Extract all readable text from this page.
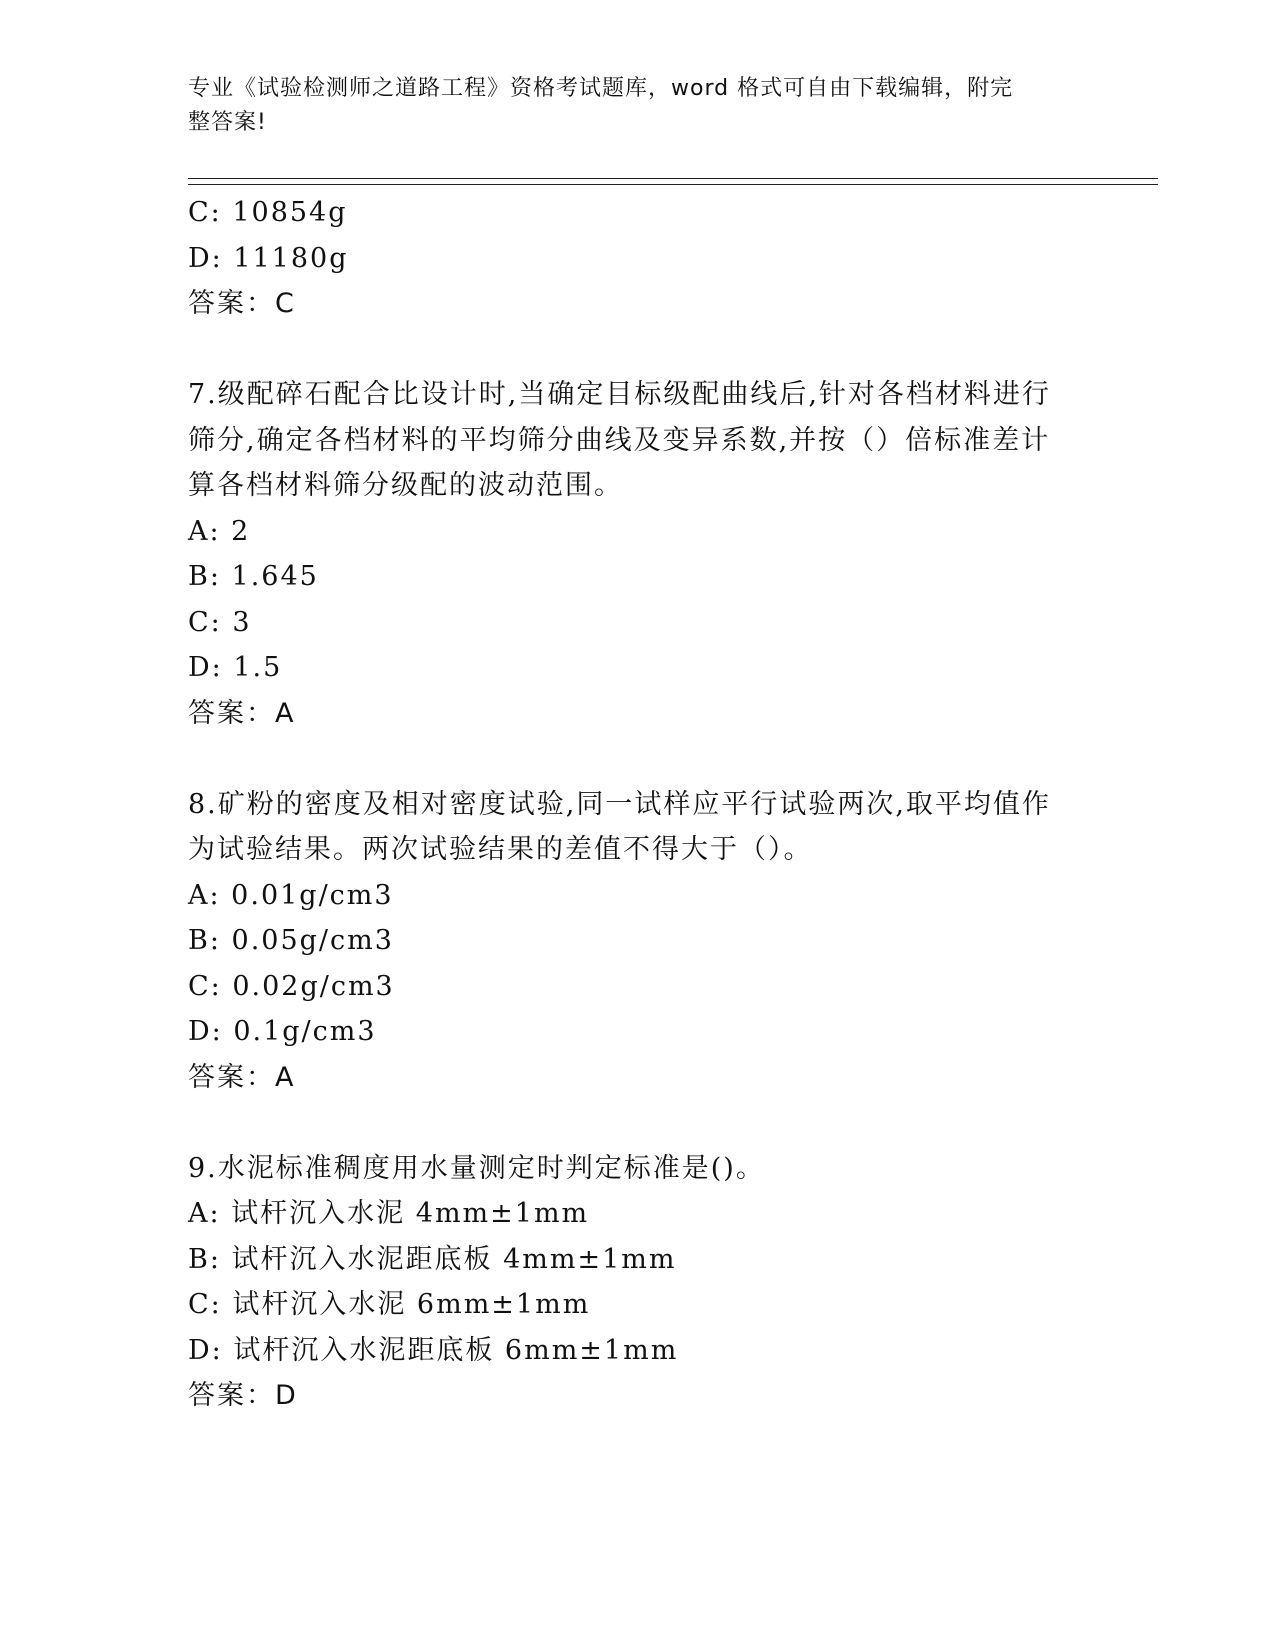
专业《试验检测师之道路工程》资格考试题库，word 格式可自由下载编辑，附完
整答案!
C: 10854g
D: 11180g
答案：C
7.级配碎石配合比设计时,当确定目标级配曲线后,针对各档材料进行
筛分,确定各档材料的平均筛分曲线及变异系数,并按（）倍标准差计
算各档材料筛分级配的波动范围。
A: 2
B: 1.645
C: 3
D: 1.5
答案：A
8.矿粉的密度及相对密度试验,同一试样应平行试验两次,取平均值作
为试验结果。两次试验结果的差值不得大于（）。
A: 0.01g/cm3
B: 0.05g/cm3
C: 0.02g/cm3
D: 0.1g/cm3
答案：A
9.水泥标准稠度用水量测定时判定标准是()。
A: 试杆沉入水泥 4mm±1mm
B: 试杆沉入水泥距底板 4mm±1mm
C: 试杆沉入水泥 6mm±1mm
D: 试杆沉入水泥距底板 6mm±1mm
答案：D
